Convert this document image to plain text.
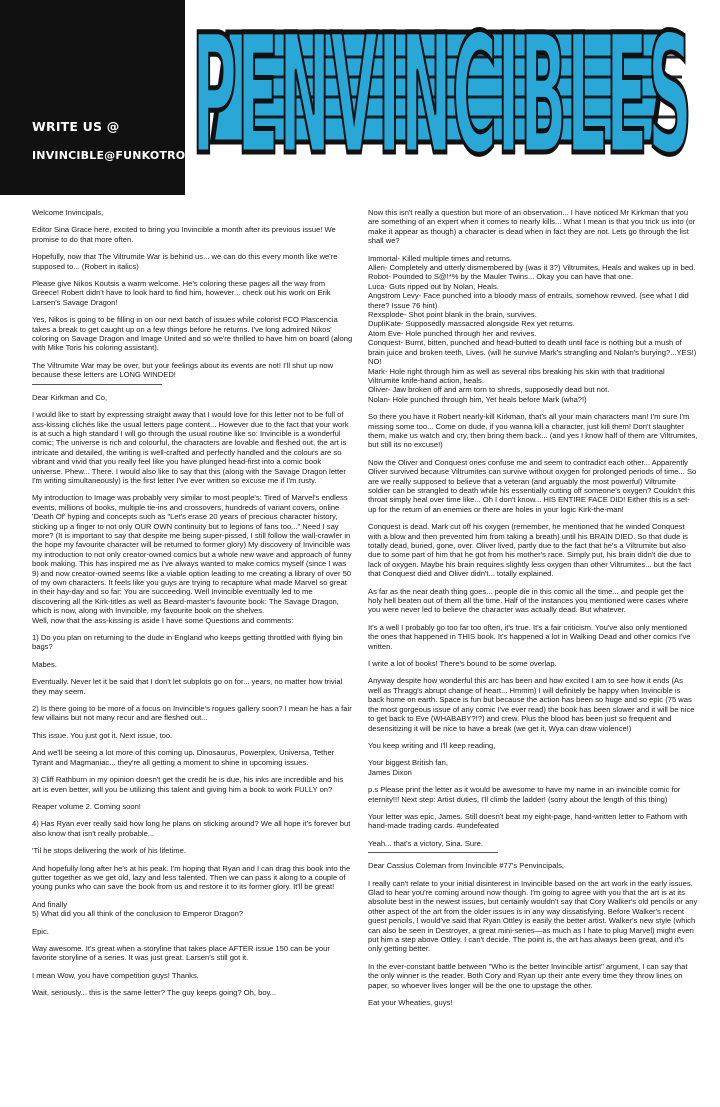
WRITE US @
INVINCIBLE@FUNKOTRON.COM
PENVINCIBLES

Welcome Invincipals,

Editor Sina Grace here, excited to bring you Invincible a month after its previous issue! We promise to do that more often.

Hopefully, now that The Viltrumite War is behind us... we can do this every month like we're supposed to... (Robert in italics)

Please give Nikos Koutsis a warm welcome. He's coloring these pages all the way from Greece! Robert didn't have to look hard to find him, however... check out his work on Erik Larsen's Savage Dragon!

Yes, Nikos is going to be filling in on our next batch of issues while colorist FCO Plascencia takes a break to get caught up on a few things before he returns. I've long admired Nikos' coloring on Savage Dragon and Image United and so we're thrilled to have him on board (along with Mike Toris his coloring assistant).

The Viltrumite War may be over, but your feelings about its events are not! I'll shut up now because these letters are LONG WINDED!

Dear Kirkman and Co,

I would like to start by expressing straight away that I would love for this letter not to be full of ass-kissing clichés like the usual letters page content... However due to the fact that your work is at such a high standard I will go through the usual routine like so: Invincible is a wonderful comic; The universe is rich and colourful, the characters are lovable and fleshed out, the art is intricate and detailed, the writing is well-crafted and perfectly handled and the colours are so vibrant and vivid that you really feel like you have plunged head-first into a comic book universe. Phew... There. I would also like to say that this (along with the Savage Dragon letter I'm writing simultaneously) is the first letter I've ever written so excuse me if I'm rusty.

My introduction to Image was probably very similar to most people's: Tired of Marvel's endless events, millions of books, multiple tie-ins and crossovers, hundreds of variant covers, online 'Death Of' hyping and concepts such as "Let's erase 20 years of precious character history, sticking up a finger to not only OUR OWN continuity but to legions of fans too..." Need I say more? (It is important to say that despite me being super-pissed, I still follow the wall-crawler in the hope my favourite character will be returned to former glory) My discovery of Invincible was my introduction to not only creator-owned comics but a whole new wave and approach of funny book making. This has inspired me as I've always wanted to make comics myself (since I was 9) and now creator-owned seems like a viable option leading to me creating a library of over 50 of my own characters. It feels like you guys are trying to recapture what made Marvel so great in their hay-day and so far: You are succeeding. Well Invincible eventually led to me discovering all the Kirk-titles as well as Beard-master's favourite book: The Savage Dragon, which is now, along with Invincible, my favourite book on the shelves.
Well, now that the ass-kissing is aside I have some Questions and comments:

1) Do you plan on returning to the dude in England who keeps getting throttled with flying bin bags?

Mabes.

Eventually. Never let it be said that I don't let subplots go on for... years, no matter how trivial they may seem.

2) Is there going to be more of a focus on Invincible's rogues gallery soon? I mean he has a fair few villains but not many recur and are fleshed out...

This issue. You just got it. Next issue, too.

And we'll be seeing a lot more of this coming up. Dinosaurus, Powerplex, Universa, Tether Tyrant and Magmaniac... they're all getting a moment to shine in upcoming issues.

3) Cliff Rathburn in my opinion doesn't get the credit he is due, his inks are incredible and his art is even better, will you be utilizing this talent and giving him a book to work FULLY on?

Reaper volume 2. Coming soon!

4) Has Ryan ever really said how long he plans on sticking around? We all hope it's forever but also know that isn't really probable...

'Til he stops delivering the work of his lifetime.

And hopefully long after he's at his peak. I'm hoping that Ryan and I can drag this book into the gutter together as we get old, lazy and less talented. Then we can pass it along to a couple of young punks who can save the book from us and restore it to its former glory. It'll be great!

And finally
5) What did you all think of the conclusion to Emperor Dragon?

Epic.

Way awesome. It's great when a storyline that takes place AFTER issue 150 can be your favorite storyline of a series. It was just great. Larsen's still got it.

I mean Wow, you have competition guys! Thanks.

Wait, seriously... this is the same letter? The guy keeps going? Oh, boy...

Now this isn't really a question but more of an observation... I have noticed Mr Kirkman that you are something of an expert when it comes to nearly kills... What I mean is that you trick us into (or make it appear as though) a character is dead when in fact they are not. Lets go through the list shall we?

Immortal- Killed multiple times and returns.
Allen- Completely and utterly dismembered by (was it 3?) Viltrumites, Heals and wakes up in bed.
Robot- Pounded to S@!*% by the Mauler Twins... Okay you can have that one.
Luca- Guts ripped out by Nolan, Heals.
Angstrom Levy- Face punched into a bloody mass of entrails, somehow revived. (see what I did there? Issue 76 hint)
Rexsplode- Shot point blank in the brain, survives.
DupliKate- Supposedly massacred alongside Rex yet returns.
Atom Eve- Hole punched through her and revives.
Conquest- Burnt, bitten, punched and head-butted to death until face is nothing but a mush of brain juice and broken teeth, Lives. (will he survive Mark's strangling and Nolan's burying?...YES!)
NO!
Mark- Hole right through him as well as several ribs breaking his skin with that traditional Viltrumite knife-hand action, heals.
Oliver- Jaw broken off and arm torn to shreds, supposedly dead but not.
Nolan- Hole punched through him, Yet heals before Mark (wha?!)

So there you have it Robert nearly-kill Kirkman, that's all your main characters man! I'm sure I'm missing some too... Come on dude, if you wanna kill a character, just kill them! Don't slaughter them, make us watch and cry, then bring them back... (and yes I know half of them are Viltrumites, but still its no excuse!)

Now the Oliver and Conquest ones confuse me and seem to contradict each other... Apparently Oliver survived because Viltrumites can survive without oxygen for prolonged periods of time... So are we really supposed to believe that a veteran (and arguably the most powerful) Viltrumite soldier can be strangled to death while his essentially cutting off someone's oxygen? Couldn't this throat simply heal over time like... Oh I don't know... HIS ENTIRE FACE DID! Either this is a set-up for the return of an enemies or there are holes in your logic Kirk-the-man!

Conquest is dead. Mark cut off his oxygen (remember, he mentioned that he winded Conquest with a blow and then prevented him from taking a breath) until his BRAIN DIED. So that dude is totally dead, buried, gone, over. Oliver lived, partly due to the fact that he's a Viltrumite but also due to some part of him that he got from his mother's race. Simply put, his brain didn't die due to lack of oxygen. Maybe his brain requires slightly less oxygen than other Viltrumites... but the fact that Conquest died and Oliver didn't... totally explained.

As far as the near death thing goes... people die in this comic all the time... and people get the holy hell beaten out of them all the time. Half of the instances you mentioned were cases where you were never led to believe the character was actually dead. But whatever.

It's a well I probably go too far too often, it's true. It's a fair criticism. You've also only mentioned the ones that happened in THIS book. It's happened a lot in Walking Dead and other comics I've written.

I write a lot of books! There's bound to be some overlap.

Anyway despite how wonderful this arc has been and how excited I am to see how it ends (As well as Thragg's abrupt change of heart... Hmmm) I will definitely be happy when Invincible is back home on earth. Space is fun but because the action has been so huge and so epic (75 was the most gorgeous issue of any comic I've ever read) the book has been slower and it will be nice to get back to Eve (WHABABY?!?) and crew. Plus the blood has been just so frequent and desensitizing it will be nice to have a break (we get it, Wya can draw violence!)

You keep writing and I'll keep reading,

Your biggest British fan,
James Dixon

p.s Please print the letter as it would be awesome to have my name in an invincible comic for eternity!!! Next step: Artist duties, I'll climb the ladder! (sorry about the length of this thing)

Your letter was epic, James. Still doesn't beat my eight-page, hand-written letter to Fathom with hand-made trading cards. #undefeated

Yeah... that's a victory, Sina. Sure.

Dear Cassius Coleman from Invincible #77's Penvincipals,

I really can't relate to your initial disinterest in Invincible based on the art work in the early issues. Glad to hear you're coming around now though. I'm going to agree with you that the art is at its absolute best in the newest issues, but certainly wouldn't say that Cory Walker's old pencils or any other aspect of the art from the older issues is in any way dissatisfying. Before Walker's recent guest pencils, I would've said that Ryan Ottley is easily the better artist. Walker's new style (which can also be seen in Destroyer, a great mini-series—as much as I hate to plug Marvel) might even put him a step above Ottley. I can't decide. The point is, the art has always been great, and it's only getting better.

In the ever-constant battle between "Who is the better Invincible artist" argument, I can say that the only winner is the reader. Both Cory and Ryan up their ante every time they throw lines on paper, so whoever lives longer will be the one to upstage the other.

Eat your Wheaties, guys!
